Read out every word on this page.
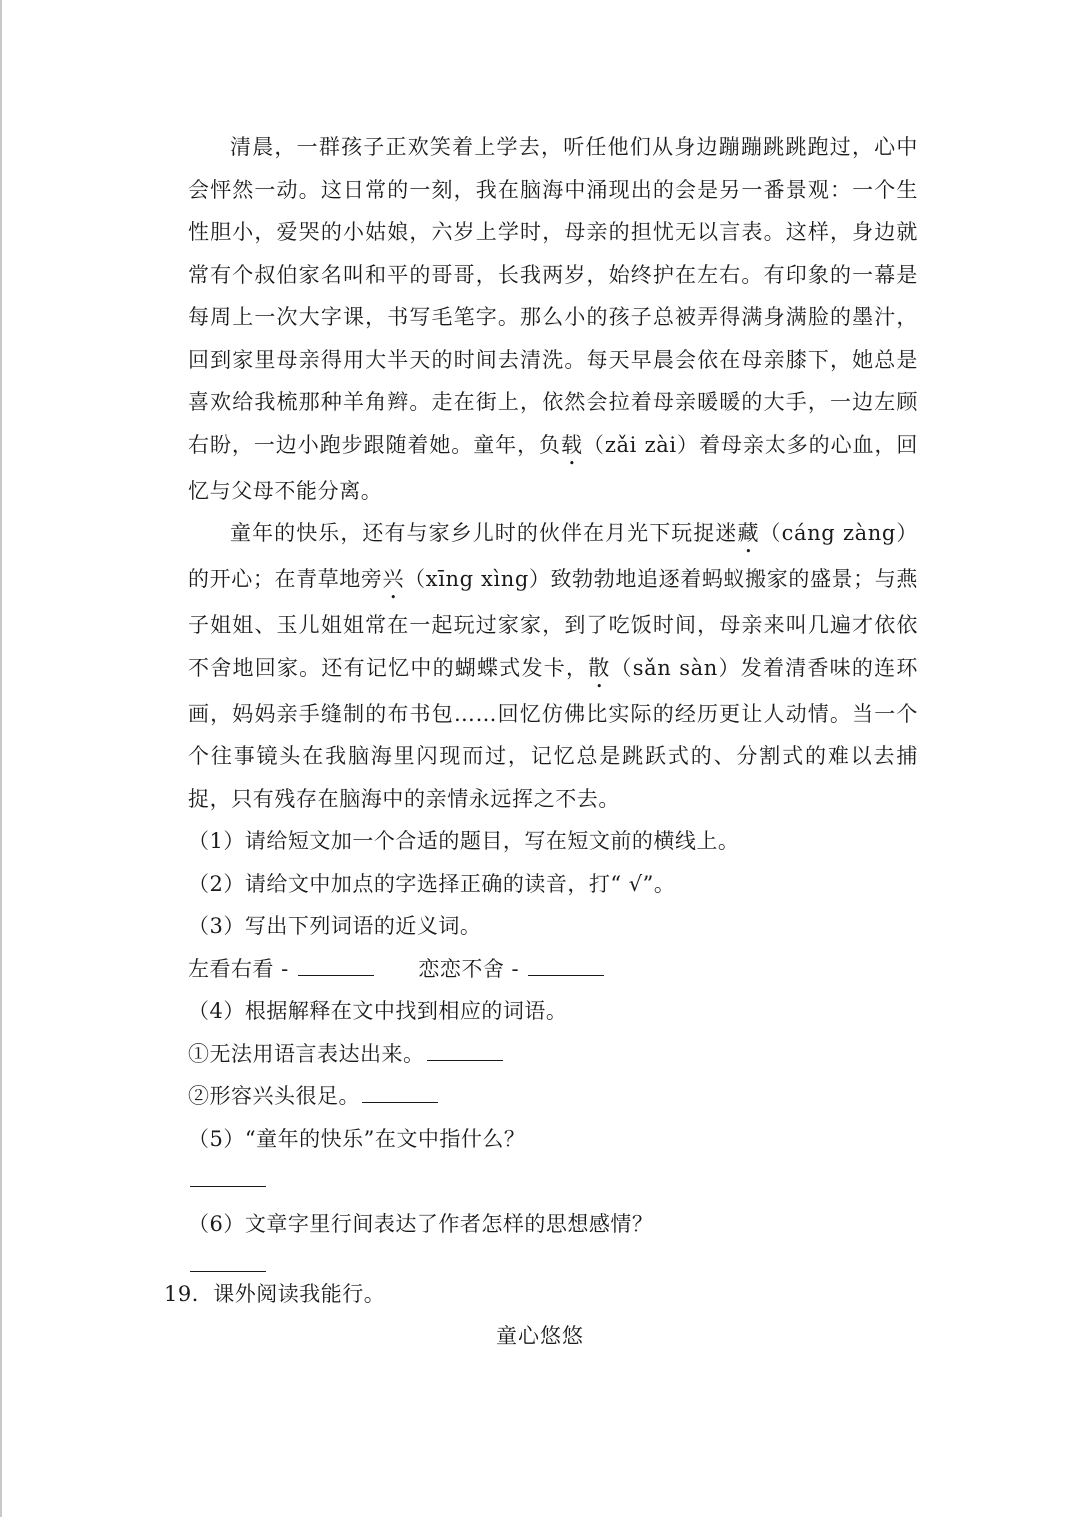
清晨，一群孩子正欢笑着上学去，听任他们从身边蹦蹦跳跳跑过，心中会怦然一动。这日常的一刻，我在脑海中涌现出的会是另一番景观：一个生性胆小，爱哭的小姑娘，六岁上学时，母亲的担忧无以言表。这样，身边就常有个叔伯家名叫和平的哥哥，长我两岁，始终护在左右。有印象的一幕是每周上一次大字课，书写毛笔字。那么小的孩子总被弄得满身满脸的墨汁，回到家里母亲得用大半天的时间去清洗。每天早晨会依在母亲膝下，她总是喜欢给我梳那种羊角辫。走在街上，依然会拉着母亲暖暖的大手，一边左顾右盼，一边小跑步跟随着她。童年，负载（zǎi zài）着母亲太多的心血，回忆与父母不能分离。

童年的快乐，还有与家乡儿时的伙伴在月光下玩捉迷藏（cáng zàng）的开心；在青草地旁兴（xīng xìng）致勃勃地追逐着蚂蚁搬家的盛景；与燕子姐姐、玉儿姐姐常在一起玩过家家，到了吃饭时间，母亲来叫几遍才依依不舍地回家。还有记忆中的蝴蝶式发卡，散（sǎn sàn）发着清香味的连环画，妈妈亲手缝制的布书包……回忆仿佛比实际的经历更让人动情。当一个个往事镜头在我脑海里闪现而过，记忆总是跳跃式的、分割式的难以去捕捉，只有残存在脑海中的亲情永远挥之不去。

（1）请给短文加一个合适的题目，写在短文前的横线上。

（2）请给文中加点的字选择正确的读音，打“ √”。

（3）写出下列词语的近义词。

左看右看 -	恋恋不舍 -

（4）根据解释在文中找到相应的词语。

①无法用语言表达出来。

②形容兴头很足。

（5）“童年的快乐”在文中指什么？

（6）文章字里行间表达了作者怎样的思想感情？

19．课外阅读我能行。
童心悠悠
